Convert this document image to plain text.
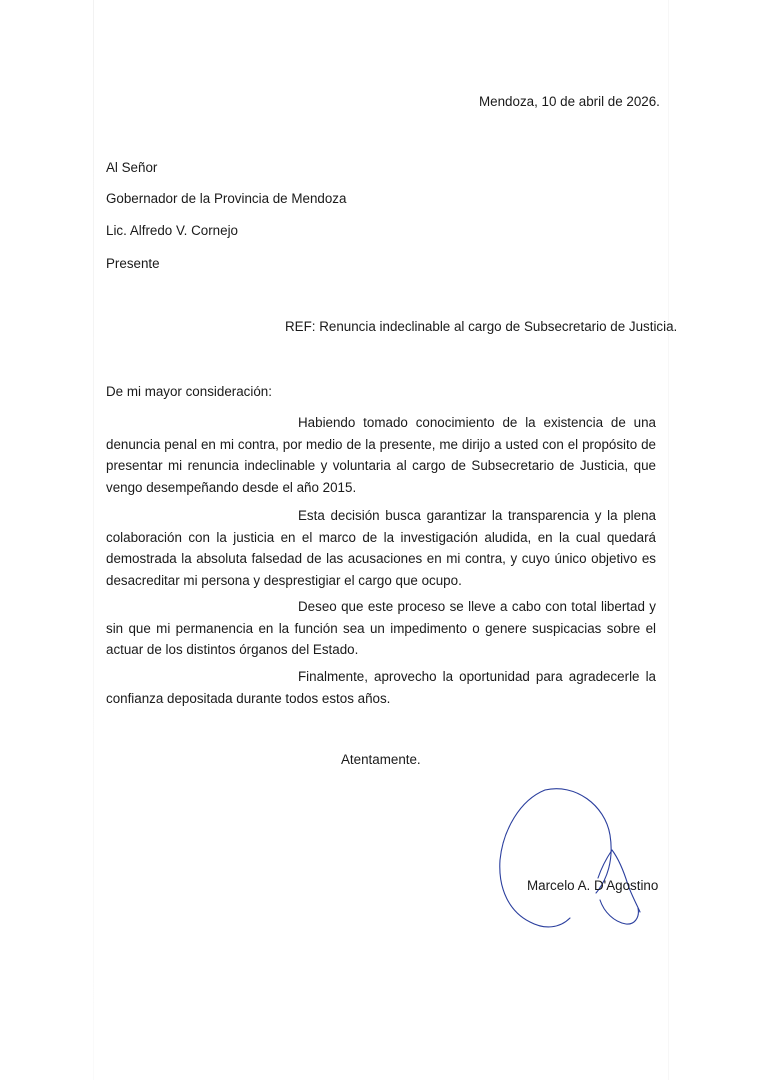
Mendoza, 10 de abril de 2026.
Al Señor
Gobernador de la Provincia de Mendoza
Lic. Alfredo V. Cornejo
Presente
REF: Renuncia indeclinable al cargo de Subsecretario de Justicia.
De mi mayor consideración:
Habiendo tomado conocimiento de la existencia de una denuncia penal en mi contra, por medio de la presente, me dirijo a usted con el propósito de presentar mi renuncia indeclinable y voluntaria al cargo de Subsecretario de Justicia, que vengo desempeñando desde el año 2015.
Esta decisión busca garantizar la transparencia y la plena colaboración con la justicia en el marco de la investigación aludida, en la cual quedará demostrada la absoluta falsedad de las acusaciones en mi contra, y cuyo único objetivo es desacreditar mi persona y desprestigiar el cargo que ocupo.
Deseo que este proceso se lleve a cabo con total libertad y sin que mi permanencia en la función sea un impedimento o genere suspicacias sobre el actuar de los distintos órganos del Estado.
Finalmente, aprovecho la oportunidad para agradecerle la confianza depositada durante todos estos años.
Atentamente.
Marcelo A. D'Agostino
